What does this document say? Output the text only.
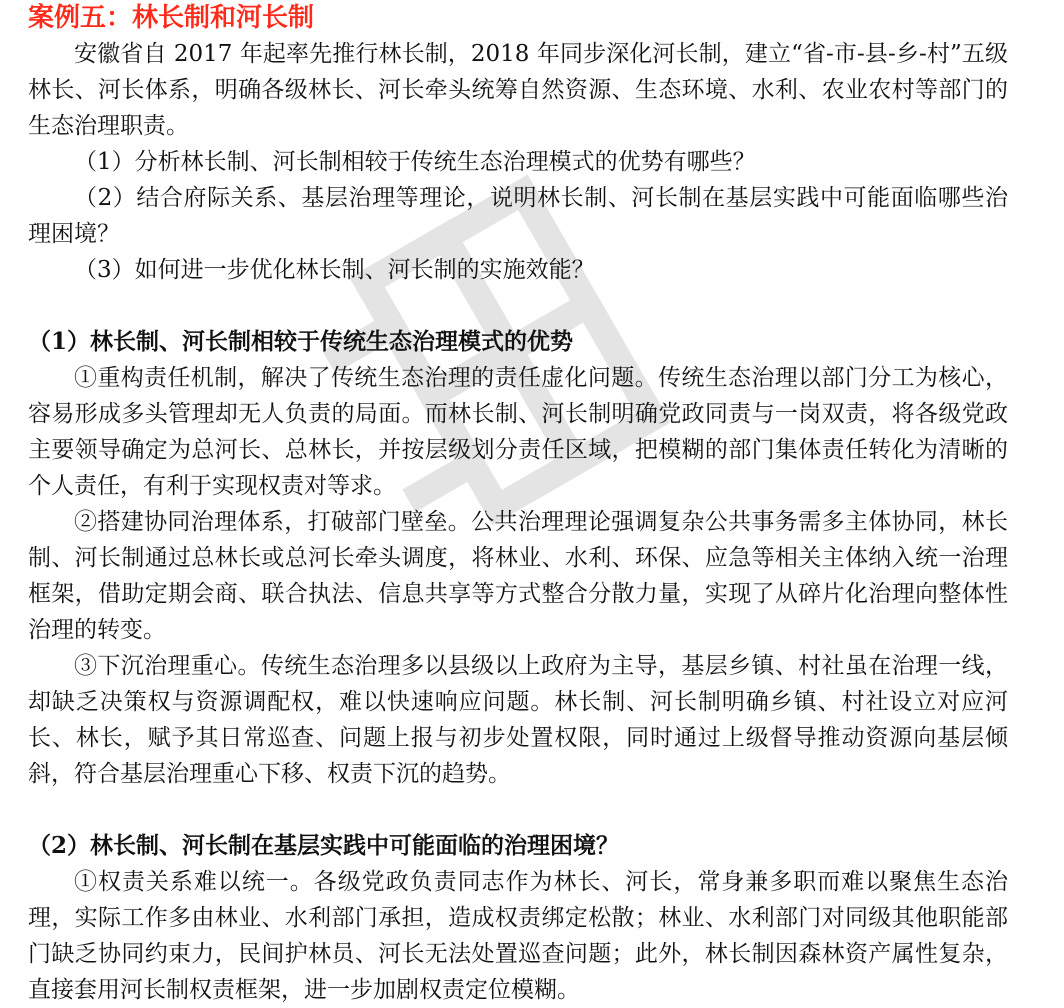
案例五：林长制和河长制

安徽省自 2017 年起率先推行林长制，2018 年同步深化河长制，建立“省-市-县-乡-村”五级林长、河长体系，明确各级林长、河长牵头统筹自然资源、生态环境、水利、农业农村等部门的生态治理职责。

（1）分析林长制、河长制相较于传统生态治理模式的优势有哪些？

（2）结合府际关系、基层治理等理论，说明林长制、河长制在基层实践中可能面临哪些治理困境？

（3）如何进一步优化林长制、河长制的实施效能？

（1）林长制、河长制相较于传统生态治理模式的优势

①重构责任机制，解决了传统生态治理的责任虚化问题。传统生态治理以部门分工为核心，容易形成多头管理却无人负责的局面。而林长制、河长制明确党政同责与一岗双责，将各级党政主要领导确定为总河长、总林长，并按层级划分责任区域，把模糊的部门集体责任转化为清晰的个人责任，有利于实现权责对等求。

②搭建协同治理体系，打破部门壁垒。公共治理理论强调复杂公共事务需多主体协同，林长制、河长制通过总林长或总河长牵头调度，将林业、水利、环保、应急等相关主体纳入统一治理框架，借助定期会商、联合执法、信息共享等方式整合分散力量，实现了从碎片化治理向整体性治理的转变。

③下沉治理重心。传统生态治理多以县级以上政府为主导，基层乡镇、村社虽在治理一线，却缺乏决策权与资源调配权，难以快速响应问题。林长制、河长制明确乡镇、村社设立对应河长、林长，赋予其日常巡查、问题上报与初步处置权限，同时通过上级督导推动资源向基层倾斜，符合基层治理重心下移、权责下沉的趋势。

（2）林长制、河长制在基层实践中可能面临的治理困境？

①权责关系难以统一。各级党政负责同志作为林长、河长，常身兼多职而难以聚焦生态治理，实际工作多由林业、水利部门承担，造成权责绑定松散；林业、水利部门对同级其他职能部门缺乏协同约束力，民间护林员、河长无法处置巡查问题；此外，林长制因森林资产属性复杂，直接套用河长制权责框架，进一步加剧权责定位模糊。
